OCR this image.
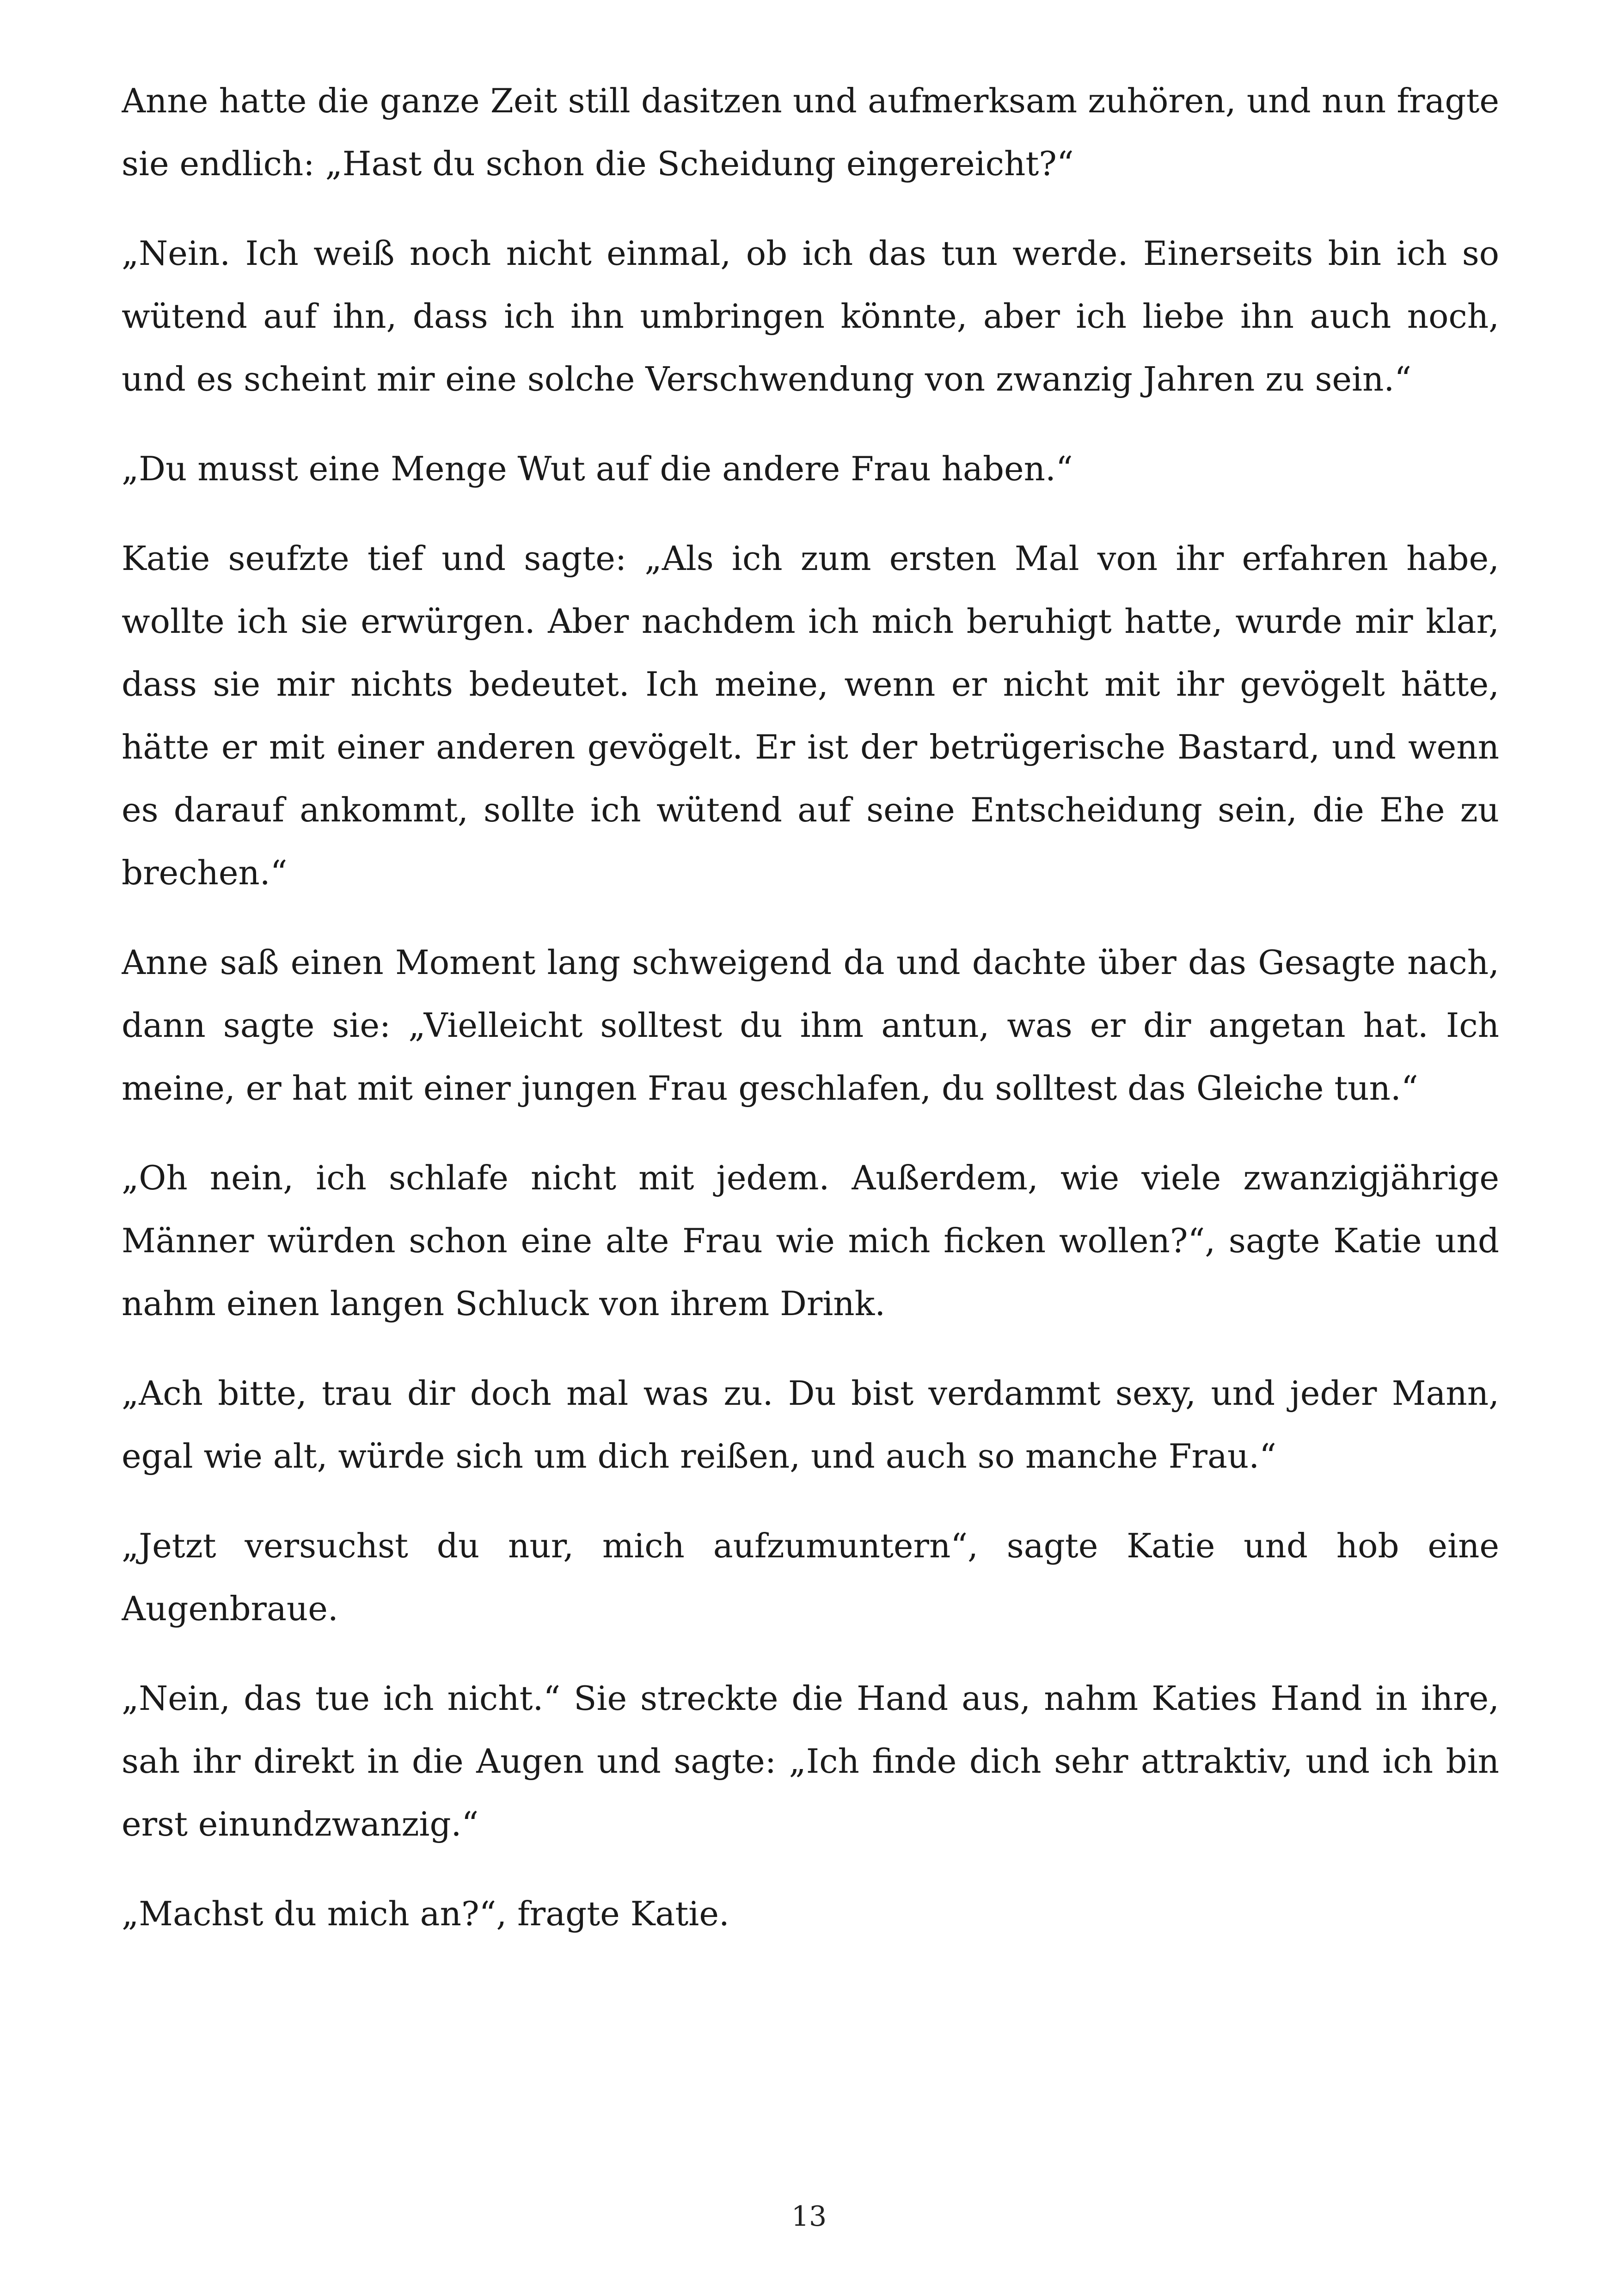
Anne hatte die ganze Zeit still dasitzen und aufmerksam zuhören, und nun fragte sie endlich: „Hast du schon die Scheidung eingereicht?“

„Nein. Ich weiß noch nicht einmal, ob ich das tun werde. Einerseits bin ich so wütend auf ihn, dass ich ihn umbringen könnte, aber ich liebe ihn auch noch, und es scheint mir eine solche Verschwendung von zwanzig Jahren zu sein.“

„Du musst eine Menge Wut auf die andere Frau haben.“

Katie seufzte tief und sagte: „Als ich zum ersten Mal von ihr erfahren habe, wollte ich sie erwürgen. Aber nachdem ich mich beruhigt hatte, wurde mir klar, dass sie mir nichts bedeutet. Ich meine, wenn er nicht mit ihr gevögelt hätte, hätte er mit einer anderen gevögelt. Er ist der betrügerische Bastard, und wenn es darauf ankommt, sollte ich wütend auf seine Entscheidung sein, die Ehe zu brechen.“

Anne saß einen Moment lang schweigend da und dachte über das Gesagte nach, dann sagte sie: „Vielleicht solltest du ihm antun, was er dir angetan hat. Ich meine, er hat mit einer jungen Frau geschlafen, du solltest das Gleiche tun.“

„Oh nein, ich schlafe nicht mit jedem. Außerdem, wie viele zwanzigjährige Männer würden schon eine alte Frau wie mich ficken wollen?“, sagte Katie und nahm einen langen Schluck von ihrem Drink.

„Ach bitte, trau dir doch mal was zu. Du bist verdammt sexy, und jeder Mann, egal wie alt, würde sich um dich reißen, und auch so manche Frau.“

„Jetzt versuchst du nur, mich aufzumuntern“, sagte Katie und hob eine Augenbraue.

„Nein, das tue ich nicht.“ Sie streckte die Hand aus, nahm Katies Hand in ihre, sah ihr direkt in die Augen und sagte: „Ich finde dich sehr attraktiv, und ich bin erst einundzwanzig.“

„Machst du mich an?“, fragte Katie.

13
